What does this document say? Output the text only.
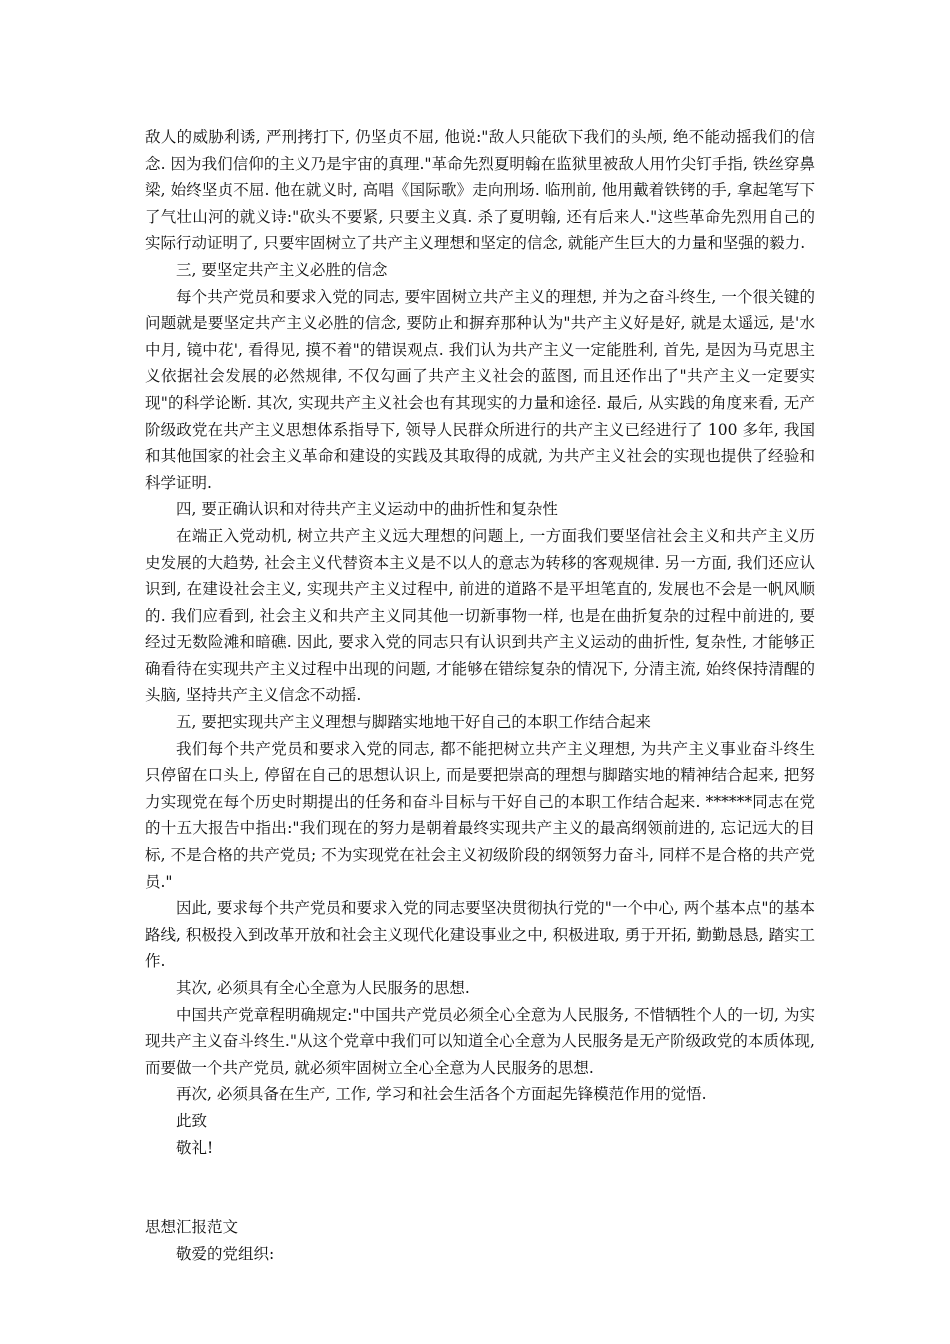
敌人的威胁利诱, 严刑拷打下, 仍坚贞不屈, 他说:"敌人只能砍下我们的头颅, 绝不能动摇我们的信念. 因为我们信仰的主义乃是宇宙的真理."革命先烈夏明翰在监狱里被敌人用竹尖钉手指, 铁丝穿鼻梁, 始终坚贞不屈. 他在就义时, 高唱《国际歌》走向刑场. 临刑前, 他用戴着铁铐的手, 拿起笔写下了气壮山河的就义诗:"砍头不要紧, 只要主义真. 杀了夏明翰, 还有后来人."这些革命先烈用自己的实际行动证明了, 只要牢固树立了共产主义理想和坚定的信念, 就能产生巨大的力量和坚强的毅力.

三, 要坚定共产主义必胜的信念

每个共产党员和要求入党的同志, 要牢固树立共产主义的理想, 并为之奋斗终生, 一个很关键的问题就是要坚定共产主义必胜的信念, 要防止和摒弃那种认为"共产主义好是好, 就是太遥远, 是'水中月, 镜中花', 看得见, 摸不着"的错误观点. 我们认为共产主义一定能胜利, 首先, 是因为马克思主义依据社会发展的必然规律, 不仅勾画了共产主义社会的蓝图, 而且还作出了"共产主义一定要实现"的科学论断. 其次, 实现共产主义社会也有其现实的力量和途径. 最后, 从实践的角度来看, 无产阶级政党在共产主义思想体系指导下, 领导人民群众所进行的共产主义已经进行了 100 多年, 我国和其他国家的社会主义革命和建设的实践及其取得的成就, 为共产主义社会的实现也提供了经验和科学证明.

四, 要正确认识和对待共产主义运动中的曲折性和复杂性

在端正入党动机, 树立共产主义远大理想的问题上, 一方面我们要坚信社会主义和共产主义历史发展的大趋势, 社会主义代替资本主义是不以人的意志为转移的客观规律. 另一方面, 我们还应认识到, 在建设社会主义, 实现共产主义过程中, 前进的道路不是平坦笔直的, 发展也不会是一帆风顺的. 我们应看到, 社会主义和共产主义同其他一切新事物一样, 也是在曲折复杂的过程中前进的, 要经过无数险滩和暗礁. 因此, 要求入党的同志只有认识到共产主义运动的曲折性, 复杂性, 才能够正确看待在实现共产主义过程中出现的问题, 才能够在错综复杂的情况下, 分清主流, 始终保持清醒的头脑, 坚持共产主义信念不动摇.

五, 要把实现共产主义理想与脚踏实地地干好自己的本职工作结合起来

我们每个共产党员和要求入党的同志, 都不能把树立共产主义理想, 为共产主义事业奋斗终生只停留在口头上, 停留在自己的思想认识上, 而是要把崇高的理想与脚踏实地的精神结合起来, 把努力实现党在每个历史时期提出的任务和奋斗目标与干好自己的本职工作结合起来. ******同志在党的十五大报告中指出:"我们现在的努力是朝着最终实现共产主义的最高纲领前进的, 忘记远大的目标, 不是合格的共产党员; 不为实现党在社会主义初级阶段的纲领努力奋斗, 同样不是合格的共产党员."

因此, 要求每个共产党员和要求入党的同志要坚决贯彻执行党的"一个中心, 两个基本点"的基本路线, 积极投入到改革开放和社会主义现代化建设事业之中, 积极进取, 勇于开拓, 勤勤恳恳, 踏实工作.

其次, 必须具有全心全意为人民服务的思想.

中国共产党章程明确规定:"中国共产党员必须全心全意为人民服务, 不惜牺牲个人的一切, 为实现共产主义奋斗终生."从这个党章中我们可以知道全心全意为人民服务是无产阶级政党的本质体现, 而要做一个共产党员, 就必须牢固树立全心全意为人民服务的思想.

再次, 必须具备在生产, 工作, 学习和社会生活各个方面起先锋模范作用的觉悟.

此致

敬礼!

思想汇报范文

敬爱的党组织:
